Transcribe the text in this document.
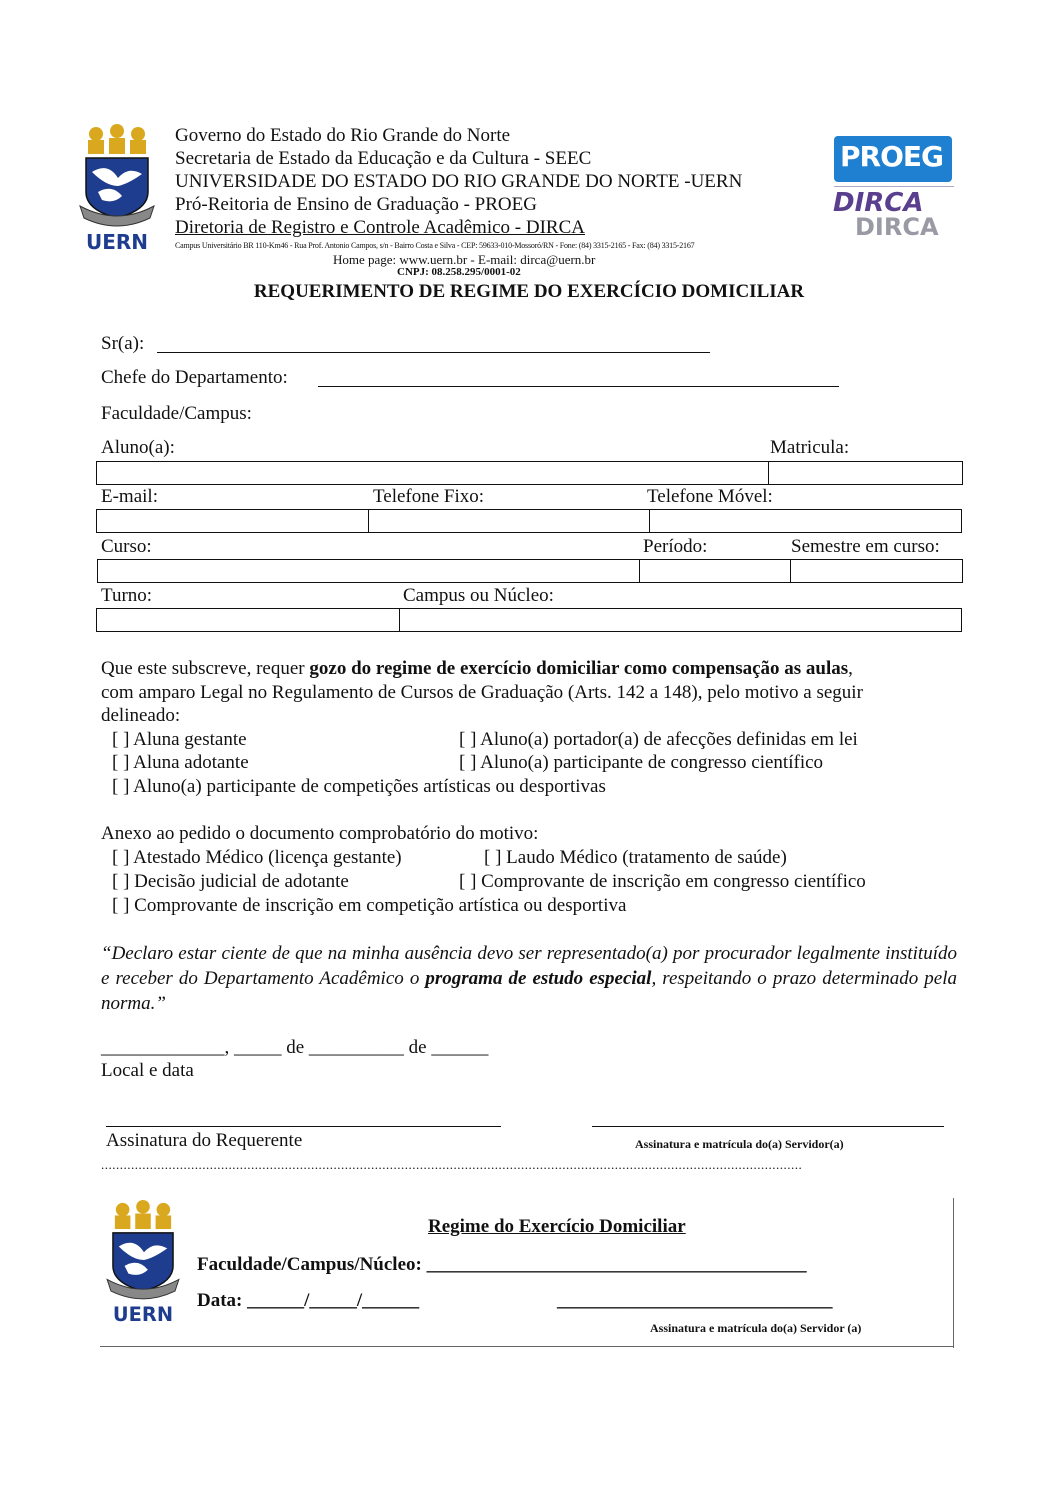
UERN
Governo do Estado do Rio Grande do Norte
Secretaria de Estado da Educação e da Cultura - SEEC
UNIVERSIDADE DO ESTADO DO RIO GRANDE DO NORTE -UERN
Pró-Reitoria de Ensino de Graduação - PROEG
Diretoria de Registro e Controle Acadêmico - DIRCA
Campus Universitário BR 110-Km46 - Rua Prof. Antonio Campos, s/n - Bairro Costa e Silva - CEP: 59633-010-Mossoró/RN - Fone: (84) 3315-2165 - Fax: (84) 3315-2167
Home page: www.uern.br - E-mail: dirca@uern.br
CNPJ: 08.258.295/0001-02
PROEG
DIRCA
DIRCA
REQUERIMENTO DE REGIME DO EXERCÍCIO DOMICILIAR
Sr(a):
Chefe do Departamento:
Faculdade/Campus:
Aluno(a):	Matricula:
E-mail:	Telefone Fixo:	Telefone Móvel:
Curso:	Período:	Semestre em curso:
Turno:	Campus ou Núcleo:
Que este subscreve, requer gozo do regime de exercício domiciliar como compensação as aulas,
com amparo Legal no Regulamento de Cursos de Graduação (Arts. 142 a 148), pelo motivo a seguir
delineado:
[ ] Aluna gestante	[ ] Aluno(a) portador(a) de afecções definidas em lei
[ ] Aluna adotante	[ ] Aluno(a) participante de congresso científico
[ ] Aluno(a) participante de competições artísticas ou desportivas
Anexo ao pedido o documento comprobatório do motivo:
[ ] Atestado Médico (licença gestante)	[ ] Laudo Médico (tratamento de saúde)
[ ] Decisão judicial de adotante	[ ] Comprovante de inscrição em congresso científico
[ ] Comprovante de inscrição em competição artística ou desportiva
“Declaro estar ciente de que na minha ausência devo ser representado(a) por procurador legalmente instituído e receber do Departamento Acadêmico o programa de estudo especial, respeitando o prazo determinado pela norma.”
_____________, _____ de __________ de ______
Local e data
Assinatura do Requerente	Assinatura e matrícula do(a) Servidor(a)
...........................................................................................................................................................................................
UERN
Regime do Exercício Domiciliar
Faculdade/Campus/Núcleo: ________________________________________
Data: ______/_____/______	_____________________________
Assinatura e matrícula do(a) Servidor (a)
